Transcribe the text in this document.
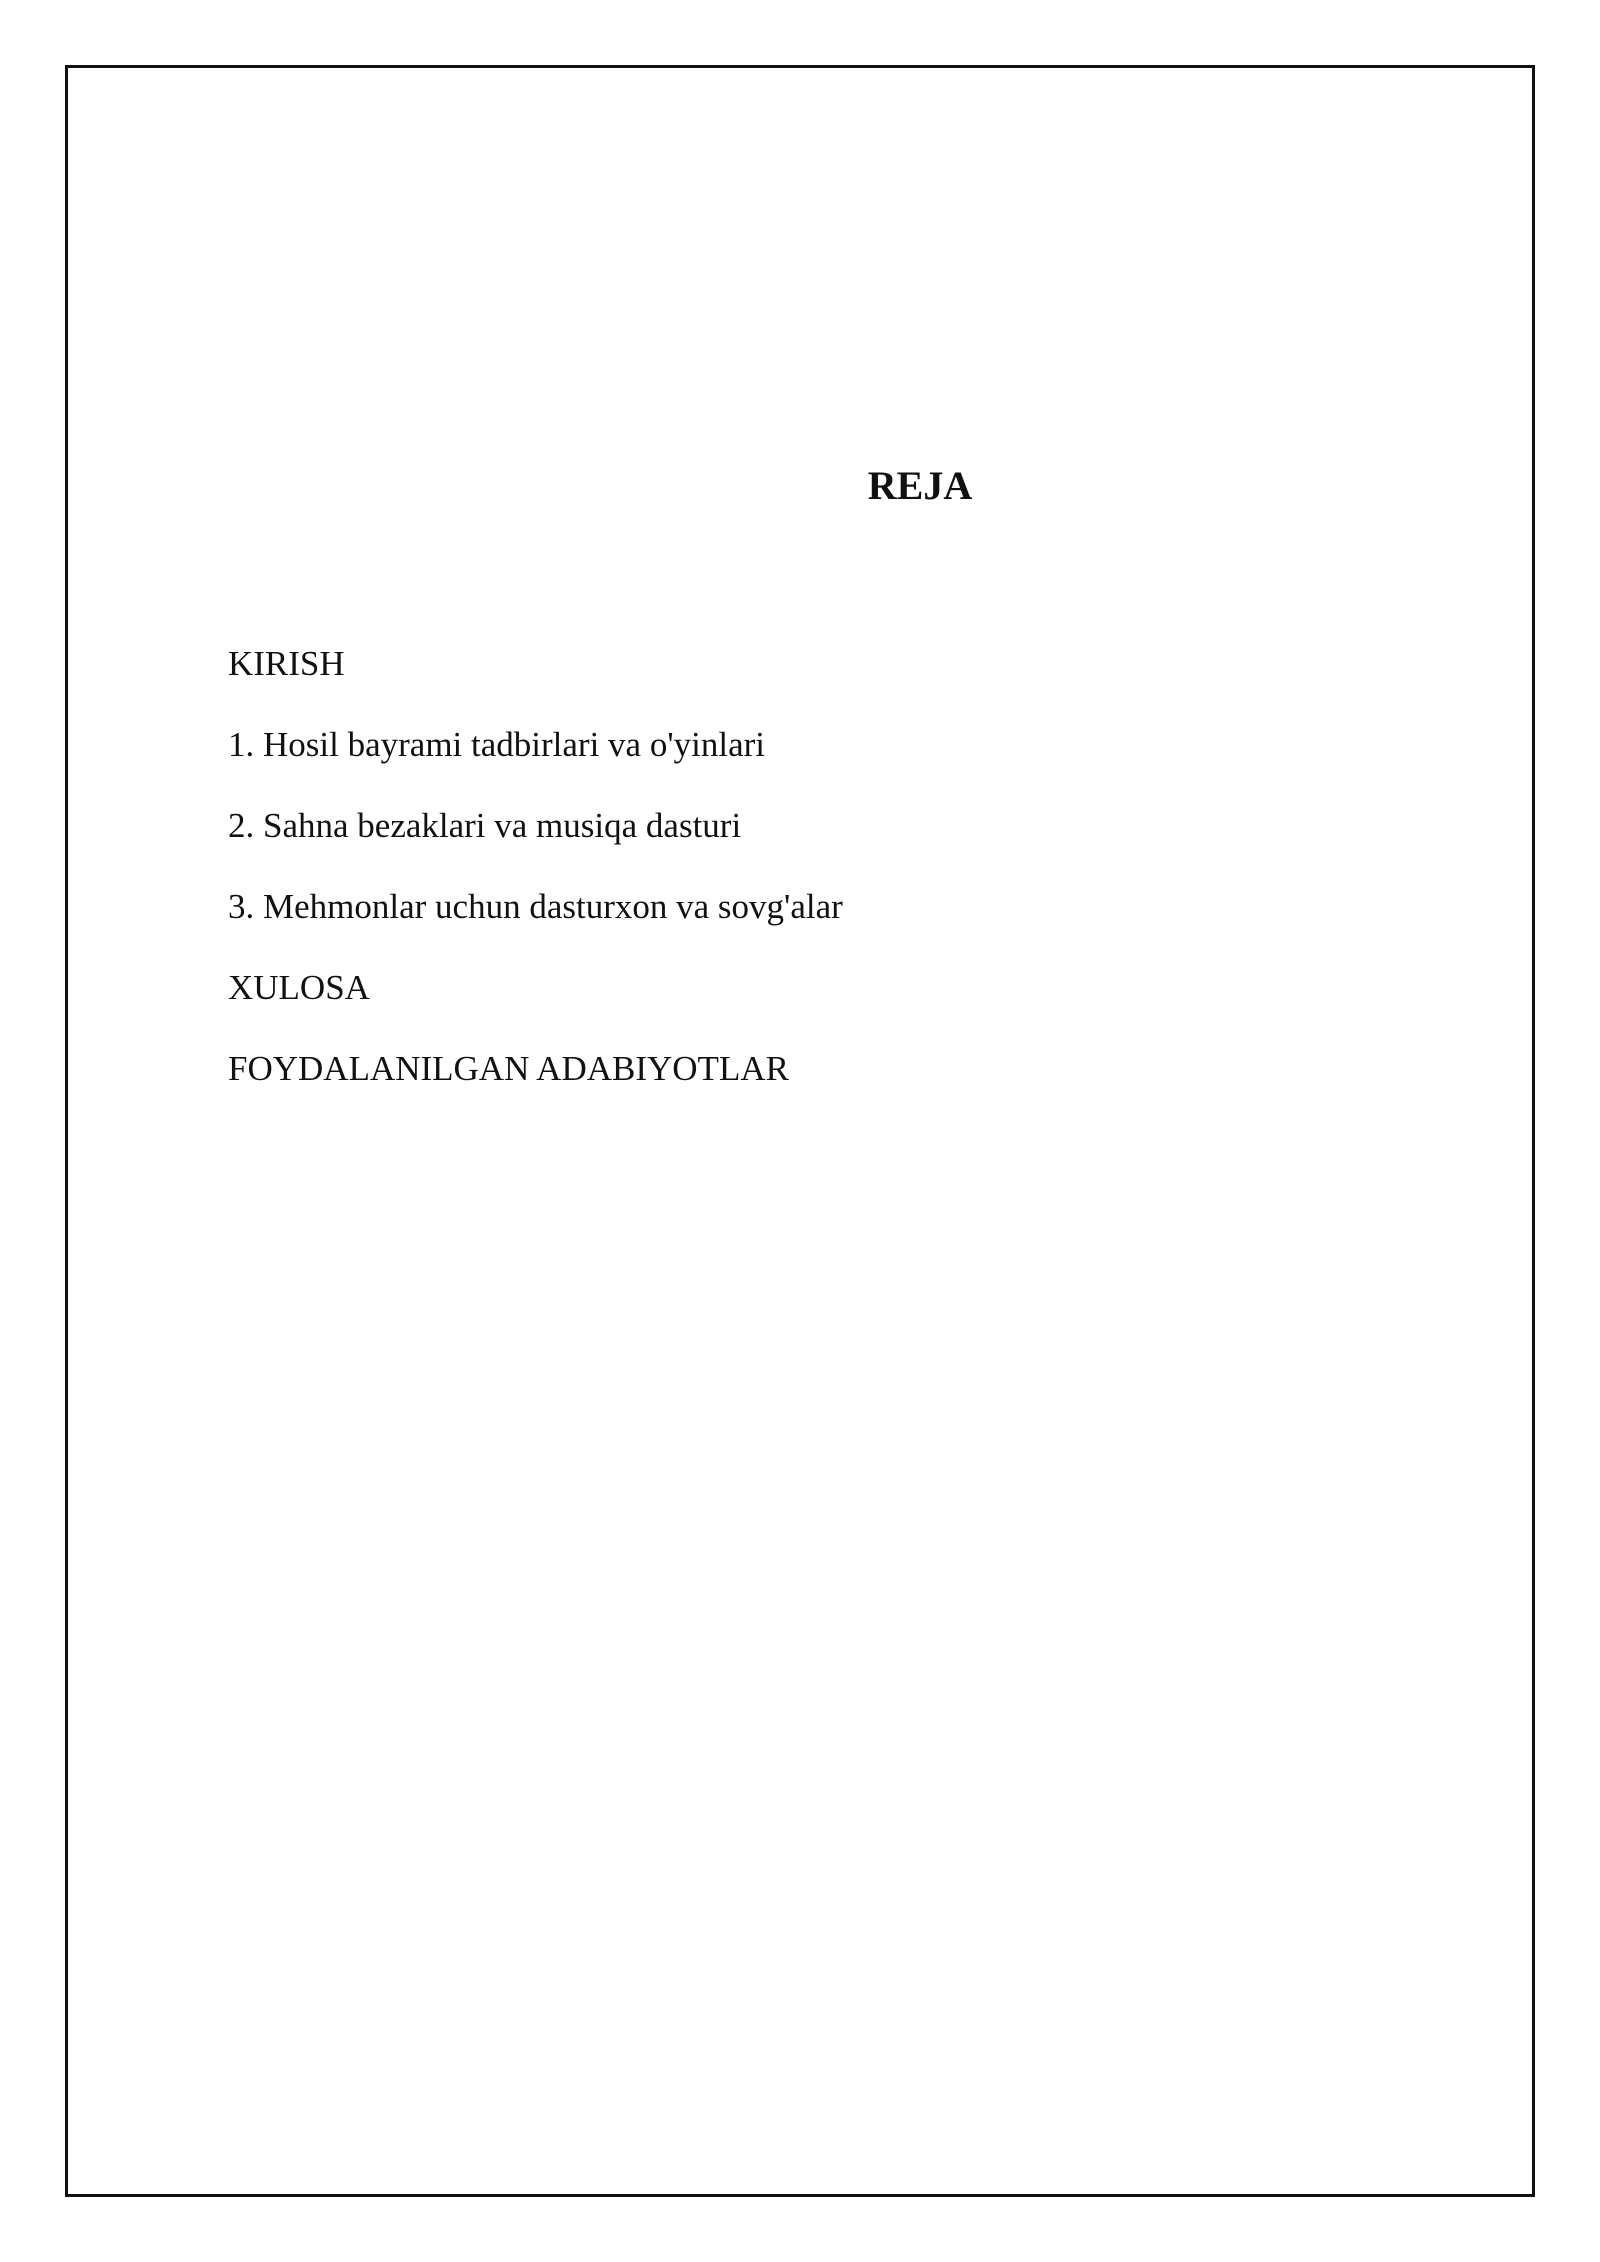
REJA
KIRISH
1. Hosil bayrami tadbirlari va o'yinlari
2. Sahna bezaklari va musiqa dasturi
3. Mehmonlar uchun dasturxon va sovg'alar
XULOSA
FOYDALANILGAN ADABIYOTLAR
